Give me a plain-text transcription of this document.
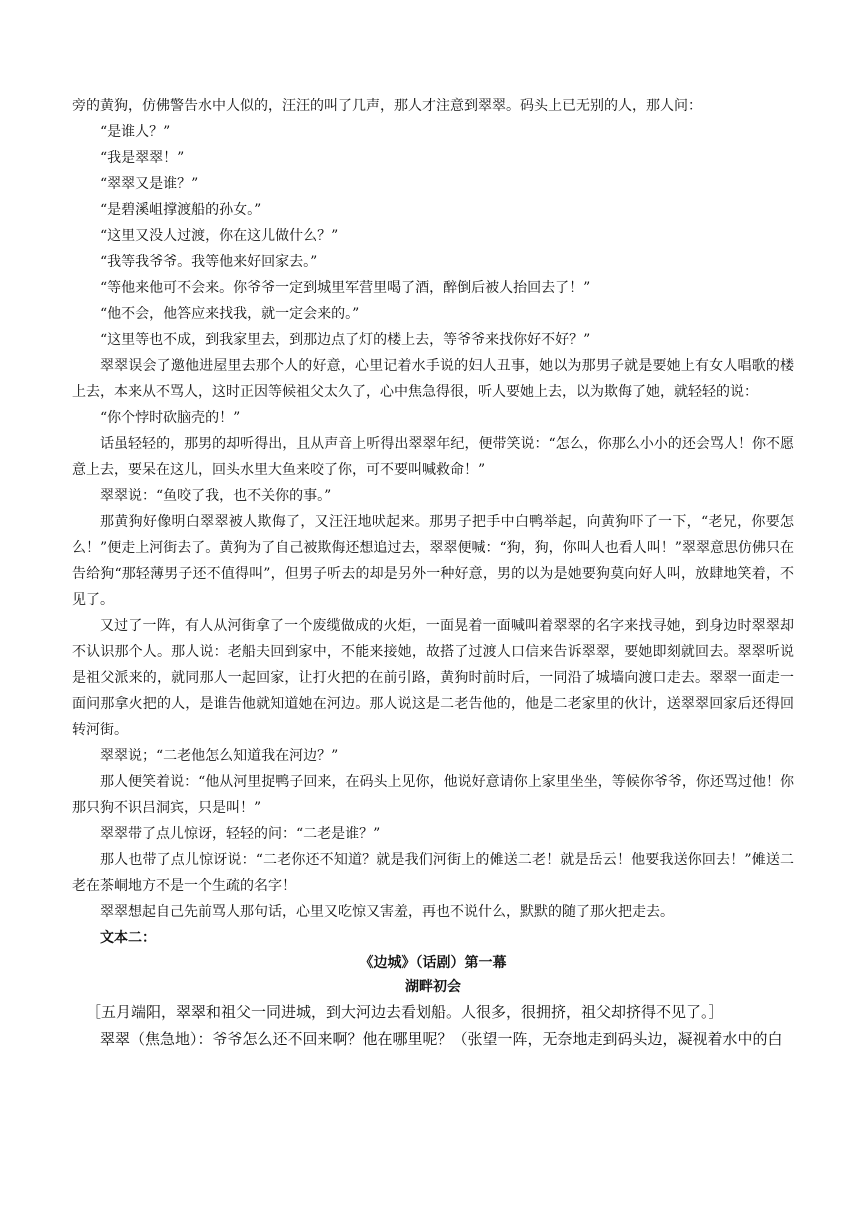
旁的黄狗，仿佛警告水中人似的，汪汪的叫了几声，那人才注意到翠翠。码头上已无别的人，那人问：

“是谁人？”

“我是翠翠！”

“翠翠又是谁？”

“是碧溪岨撑渡船的孙女。”

“这里又没人过渡，你在这儿做什么？”

“我等我爷爷。我等他来好回家去。”

“等他来他可不会来。你爷爷一定到城里军营里喝了酒，醉倒后被人抬回去了！”

“他不会，他答应来找我，就一定会来的。”

“这里等也不成，到我家里去，到那边点了灯的楼上去，等爷爷来找你好不好？”

翠翠误会了邀他进屋里去那个人的好意，心里记着水手说的妇人丑事，她以为那男子就是要她上有女人唱歌的楼上去，本来从不骂人，这时正因等候祖父太久了，心中焦急得很，听人要她上去，以为欺侮了她，就轻轻的说：

“你个悖时砍脑壳的！”

话虽轻轻的，那男的却听得出，且从声音上听得出翠翠年纪，便带笑说：“怎么，你那么小小的还会骂人！你不愿意上去，要呆在这儿，回头水里大鱼来咬了你，可不要叫喊救命！”

翠翠说：“鱼咬了我，也不关你的事。”

那黄狗好像明白翠翠被人欺侮了，又汪汪地吠起来。那男子把手中白鸭举起，向黄狗吓了一下，“老兄，你要怎么！”便走上河街去了。黄狗为了自己被欺侮还想追过去，翠翠便喊：“狗，狗，你叫人也看人叫！”翠翠意思仿佛只在告给狗“那轻薄男子还不值得叫”，但男子听去的却是另外一种好意，男的以为是她要狗莫向好人叫，放肆地笑着，不见了。

又过了一阵，有人从河街拿了一个废缆做成的火炬，一面晃着一面喊叫着翠翠的名字来找寻她，到身边时翠翠却不认识那个人。那人说：老船夫回到家中，不能来接她，故搭了过渡人口信来告诉翠翠，要她即刻就回去。翠翠听说是祖父派来的，就同那人一起回家，让打火把的在前引路，黄狗时前时后，一同沿了城墙向渡口走去。翠翠一面走一面问那拿火把的人，是谁告他就知道她在河边。那人说这是二老告他的，他是二老家里的伙计，送翠翠回家后还得回转河街。

翠翠说；“二老他怎么知道我在河边？”

那人便笑着说：“他从河里捉鸭子回来，在码头上见你，他说好意请你上家里坐坐，等候你爷爷，你还骂过他！你那只狗不识吕洞宾，只是叫！”

翠翠带了点儿惊讶，轻轻的问：“二老是谁？”

那人也带了点儿惊讶说：“二老你还不知道？就是我们河街上的傩送二老！就是岳云！他要我送你回去！”傩送二老在茶峒地方不是一个生疏的名字！

翠翠想起自己先前骂人那句话，心里又吃惊又害羞，再也不说什么，默默的随了那火把走去。

文本二：

《边城》（话剧）第一幕

湖畔初会

［五月端阳，翠翠和祖父一同进城，到大河边去看划船。人很多，很拥挤，祖父却挤得不见了。］

翠翠（焦急地）：爷爷怎么还不回来啊？他在哪里呢？（张望一阵，无奈地走到码头边，凝视着水中的白
